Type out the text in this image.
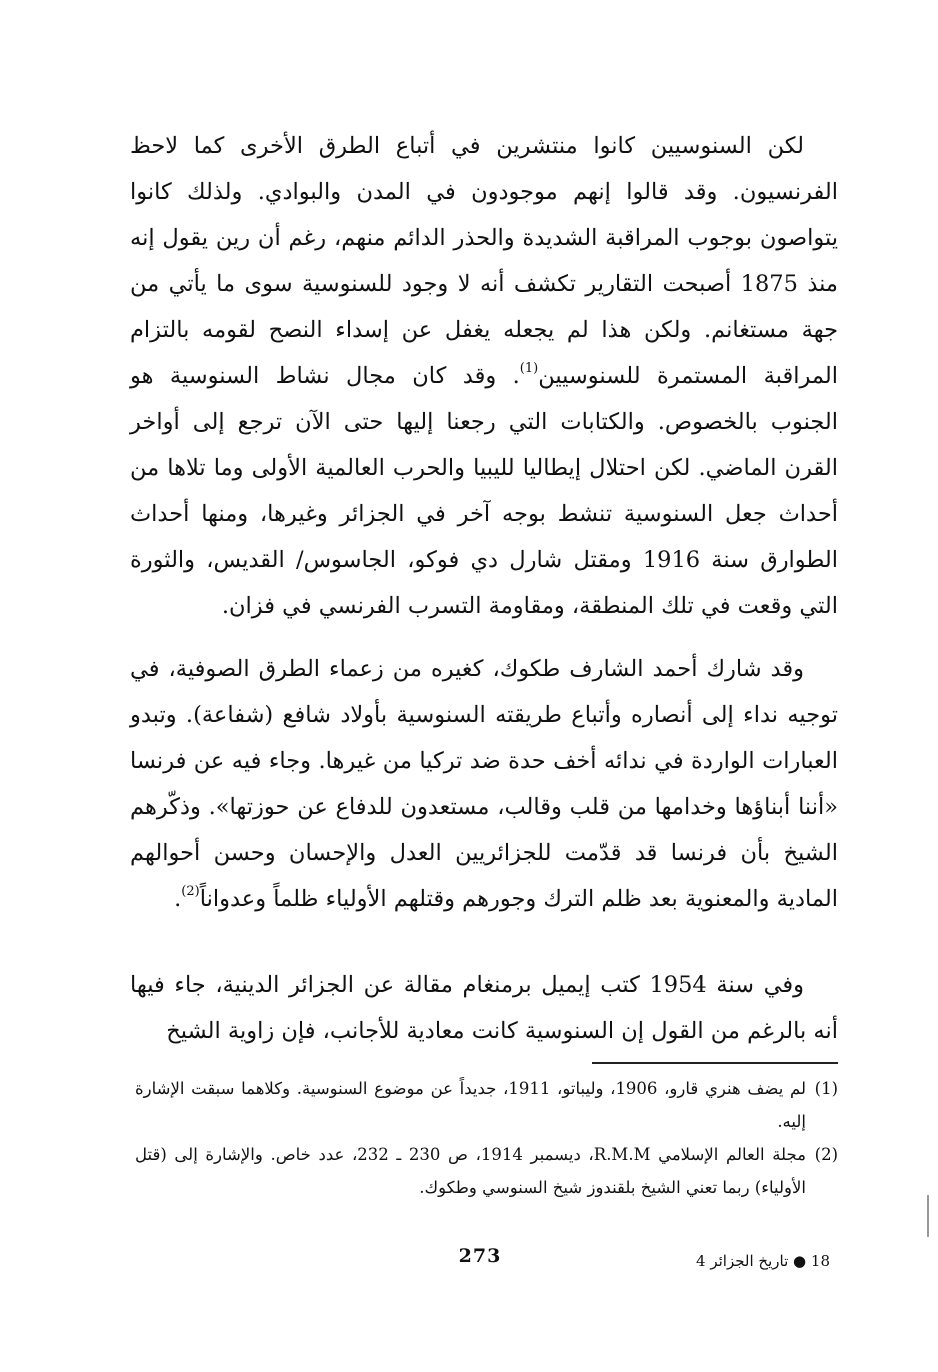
لكن السنوسيين كانوا منتشرين في أتباع الطرق الأخرى كما لاحظ الفرنسيون. وقد قالوا إنهم موجودون في المدن والبوادي. ولذلك كانوا يتواصون بوجوب المراقبة الشديدة والحذر الدائم منهم، رغم أن رين يقول إنه منذ 1875 أصبحت التقارير تكشف أنه لا وجود للسنوسية سوى ما يأتي من جهة مستغانم. ولكن هذا لم يجعله يغفل عن إسداء النصح لقومه بالتزام المراقبة المستمرة للسنوسيين$^{(1)}$. وقد كان مجال نشاط السنوسية هو الجنوب بالخصوص. والكتابات التي رجعنا إليها حتى الآن ترجع إلى أواخر القرن الماضي. لكن احتلال إيطاليا لليبيا والحرب العالمية الأولى وما تلاها من أحداث جعل السنوسية تنشط بوجه آخر في الجزائر وغيرها، ومنها أحداث الطوارق سنة 1916 ومقتل شارل دي فوكو، الجاسوس/ القديس، والثورة التي وقعت في تلك المنطقة، ومقاومة التسرب الفرنسي في فزان.

وقد شارك أحمد الشارف طكوك، كغيره من زعماء الطرق الصوفية، في توجيه نداء إلى أنصاره وأتباع طريقته السنوسية بأولاد شافع (شفاعة). وتبدو العبارات الواردة في ندائه أخف حدة ضد تركيا من غيرها. وجاء فيه عن فرنسا «أننا أبناؤها وخدامها من قلب وقالب، مستعدون للدفاع عن حوزتها». وذكّرهم الشيخ بأن فرنسا قد قدّمت للجزائريين العدل والإحسان وحسن أحوالهم المادية والمعنوية بعد ظلم الترك وجورهم وقتلهم الأولياء ظلماً وعدواناً$^{(2)}$.

وفي سنة 1954 كتب إيميل برمنغام مقالة عن الجزائر الدينية، جاء فيها أنه بالرغم من القول إن السنوسية كانت معادية للأجانب، فإن زاوية الشيخ

(1)
لم يضف هنري قارو، 1906، وليباتو، 1911، جديداً عن موضوع السنوسية. وكلاهما سبقت الإشارة إليه.
(2)
مجلة العالم الإسلامي R.M.M، ديسمبر 1914، ص 230 ـ 232، عدد خاص. والإشارة إلى (قتل الأولياء) ربما تعني الشيخ بلقندوز شيخ السنوسي وطكوك.
273	18 ● تاريخ الجزائر 4
